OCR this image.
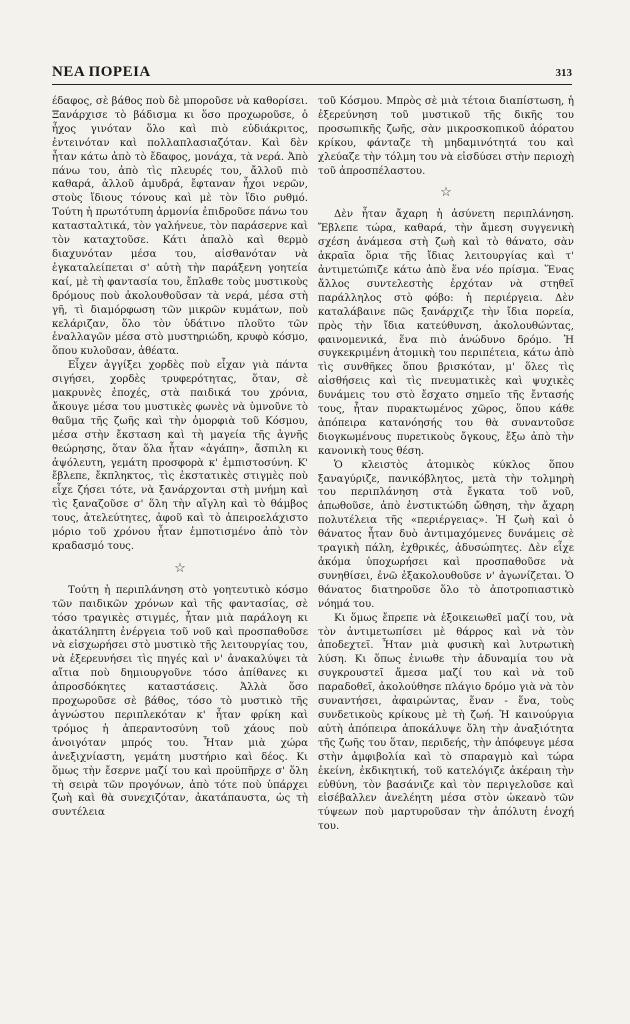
ΝΕΑ ΠΟΡΕΙΑ	313

έδαφος, σὲ βάθος ποὺ δὲ μποροῦσε νὰ καθορίσει. Ξανάρχισε τὸ βάδισμα κι ὅσο προχωροῦσε, ὁ ἦχος γινόταν ὅλο καὶ πιὸ εὐδιάκριτος, ἐντεινόταν καὶ πολλαπλασιαζόταν. Καὶ δὲν ἦταν κάτω ἀπὸ τὸ ἔδαφος, μονάχα, τὰ νερά. Ἀπὸ πάνω του, ἀπὸ τὶς πλευρές του, ἄλλοῦ πιὸ καθαρά, ἀλλοῦ ἀμυδρά, ἔφταναν ἦχοι νερῶν, στοὺς ἴδιους τόνους καὶ μὲ τὸν ἴδιο ρυθμό. Τούτη ἡ πρωτότυπη ἁρμονία ἐπιδροῦσε πάνω του κατασταλτικά, τὸν γαλήνευε, τὸν παράσερνε καὶ τὸν καταχτοῦσε. Κάτι ἁπαλὸ καὶ θερμὸ διαχυνόταν μέσα του, αἰσθανόταν νὰ ἐγκαταλείπεται σ' αὐτὴ τὴν παράξενη γοητεία καί, μὲ τὴ φαντασία του, ἔπλαθε τοὺς μυστικοὺς δρόμους ποὺ ἀκολουθοῦσαν τὰ νερά, μέσα στὴ γῆ, τὶ διαμόρφωση τῶν μικρῶν κυμάτων, ποὺ κελάριζαν, ὅλο τὸν ὑδάτινο πλοῦτο τῶν ἐναλλαγῶν μέσα στὸ μυστηριώδη, κρυφὸ κόσμο, ὅπου κυλοῦσαν, ἀθέατα.

Εἶχεν ἀγγίξει χορδὲς ποὺ εἶχαν γιὰ πάντα σιγήσει, χορδὲς τρυφερότητας, ὅταν, σὲ μακρυνὲς ἐποχές, στὰ παιδικά του χρόνια, ἄκουγε μέσα του μυστικὲς φωνὲς νὰ ὑμνοῦνε τὸ θαῦμα τῆς ζωῆς καὶ τὴν ὁμορφιὰ τοῦ Κόσμου, μέσα στὴν ἔκσταση καὶ τὴ μαγεία τῆς ἁγνῆς θεώρησης, ὅταν ὅλα ἦταν «ἀγάπη», ἄσπιλη κι ἀψόλευτη, γεμάτη προσφορὰ κ' ἐμπιστοσύνη. Κ' ἔβλεπε, ἔκπληκτος, τὶς ἐκστατικὲς στιγμὲς ποὺ εἶχε ζήσει τότε, νὰ ξανάρχονται στὴ μνήμη καὶ τὶς ξαναζοῦσε σ' ὅλη τὴν αἴγλη καὶ τὸ θάμβος τους, ἀτελεύτητες, ἀφοῦ καὶ τὸ ἀπειροελάχιστο μόριο τοῦ χρόνου ἦταν ἐμποτισμένο ἀπὸ τὸν κραδασμό τους.

☆

Τούτη ἡ περιπλάνηση στὸ γοητευτικὸ κόσμο τῶν παιδικῶν χρόνων καὶ τῆς φαντασίας, σὲ τόσο τραγικὲς στιγμές, ἦταν μιὰ παράλογη κι ἀκατάληπτη ἐνέργεια τοῦ νοῦ καὶ προσπαθοῦσε νὰ εἰσχωρήσει στὸ μυστικὸ τῆς λειτουργίας του, νὰ ἐξερευνήσει τὶς πηγές καὶ ν' ἀνακαλύψει τὰ αἴτια ποὺ δημιουργοῦνε τόσο ἀπίθανες κι ἀπροσδόκητες καταστάσεις. Ἀλλὰ ὅσο προχωροῦσε σὲ βάθος, τόσο τὸ μυστικὸ τῆς ἀγνώστου περιπλεκόταν κ' ἦταν φρίκη καὶ τρόμος ἡ ἀπεραντοσύνη τοῦ χάους ποὺ ἀνοιγόταν μπρός του. Ἦταν μιὰ χώρα ἀνεξιχνίαστη, γεμάτη μυστήριο καὶ δέος. Κι ὅμως τὴν ἔσερνε μαζί του καὶ προϋπῆρχε σ' ὅλη τὴ σειρὰ τῶν προγόνων, ἀπὸ τότε ποὺ ὑπάρχει ζωὴ καὶ θὰ συνεχιζόταν, ἀκατάπαυστα, ὡς τὴ συντέλεια

τοῦ Κόσμου. Μπρὸς σὲ μιὰ τέτοια διαπίστωση, ἡ ἐξερεύνηση τοῦ μυστικοῦ τῆς δικῆς του προσωπικῆς ζωῆς, σὰν μικροσκοπικοῦ ἀόρατου κρίκου, φάνταζε τὴ μηδαμινότητά του καὶ χλεύαζε τὴν τόλμη του νὰ εἰσδύσει στὴν περιοχὴ τοῦ ἀπροσπέλαστου.

☆

Δὲν ἦταν ἄχαρη ἡ ἀσύνετη περιπλάνηση. Ἔβλεπε τώρα, καθαρά, τὴν ἄμεση συγγενικὴ σχέση ἀνάμεσα στὴ ζωὴ καὶ τὸ θάνατο, σὰν ἀκραῖα ὅρια τῆς ἴδιας λειτουργίας καὶ τ' ἀντιμετώπιζε κάτω ἀπὸ ἕνα νέο πρίσμα. Ἕνας ἄλλος συντελεστὴς ἐρχόταν νὰ στηθεῖ παράλληλος στὸ φόβο: ἡ περιέργεια. Δὲν καταλάβαινε πῶς ξανάρχιζε τὴν ἴδια πορεία, πρὸς τὴν ἴδια κατεύθυνση, ἀκολουθώντας, φαινομενικά, ἕνα πιὸ ἀνώδυνο δρόμο. Ἡ συγκεκριμένη ἀτομικὴ του περιπέτεια, κάτω ἀπὸ τὶς συνθῆκες ὅπου βρισκόταν, μ' ὅλες τὶς αἰσθήσεις καὶ τὶς πνευματικὲς καὶ ψυχικὲς δυνάμεις του στὸ ἔσχατο σημεῖο τῆς ἔντασής τους, ἦταν πυρακτωμένος χῶρος, ὅπου κάθε ἀπόπειρα κατανόησής του θὰ συναντοῦσε διογκωμένους πυρετικοὺς ὄγκους, ἔξω ἀπὸ τὴν κανονικὴ τους θέση.

Ὁ κλειστὸς ἀτομικὸς κύκλος ὅπου ξαναγύριζε, πανικόβλητος, μετὰ τὴν τολμηρὴ του περιπλάνηση στὰ ἔγκατα τοῦ νοῦ, ἀπωθοῦσε, ἀπὸ ἐνστικτώδη ὤθηση, τὴν ἄχαρη πολυτέλεια τῆς «περιέργειας». Ἡ ζωὴ καὶ ὁ θάνατος ἦταν δυὸ ἀντιμαχόμενες δυνάμεις σὲ τραγικὴ πάλη, ἐχθρικές, ἀδυσώπητες. Δὲν εἶχε ἀκόμα ὑποχωρήσει καὶ προσπαθοῦσε νὰ συνηθίσει, ἐνῶ ἐξακολουθοῦσε ν' ἀγωνίζεται. Ὁ θάνατος διατηροῦσε ὅλο τὸ ἀποτροπιαστικὸ νόημά του.

Κι ὅμως ἔπρεπε νὰ ἐξοικειωθεῖ μαζί του, νὰ τὸν ἀντιμετωπίσει μὲ θάρρος καὶ νὰ τὸν ἀποδεχτεῖ. Ἦταν μιὰ φυσικὴ καὶ λυτρωτικὴ λύση. Κι ὅπως ἐνιωθε τὴν ἀδυναμία του νὰ συγκρουστεῖ ἄμεσα μαζί του καὶ νὰ τοῦ παραδοθεῖ, ἀκολούθησε πλάγιο δρόμο γιὰ νὰ τὸν συναντήσει, ἀφαιρώντας, ἕναν - ἕνα, τοὺς συνδετικοὺς κρίκους μὲ τὴ ζωή. Ἡ καινούργια αὐτὴ ἀπόπειρα ἀποκάλυψε ὅλη τὴν ἀναξιότητα τῆς ζωῆς του ὅταν, περιδεής, τὴν ἀπόφευγε μέσα στὴν ἀμφιβολία καὶ τὸ σπαραγμὸ καὶ τώρα ἐκείνη, ἐκδικητική, τοῦ κατελόγιζε ἀκέραιη τὴν εὐθύνη, τὸν βασάνιζε καὶ τὸν περιγελοῦσε καὶ εἰσέβαλλεν ἀνελέητη μέσα στὸν ὠκεανὸ τῶν τύψεων ποὺ μαρτυροῦσαν τὴν ἀπόλυτη ἐνοχή του.
